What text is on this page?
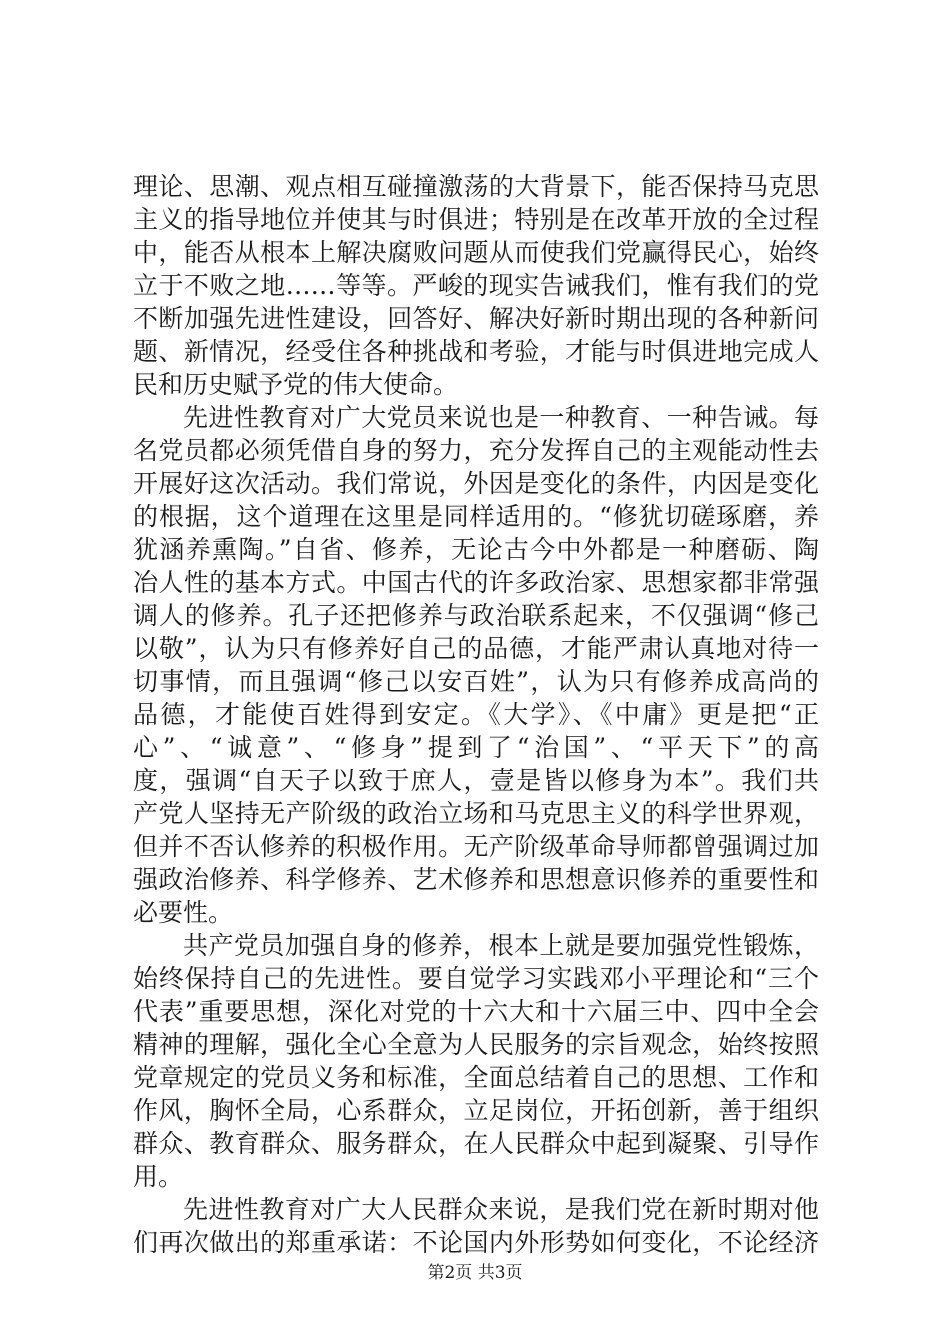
理论、思潮、观点相互碰撞激荡的大背景下，能否保持马克思
主义的指导地位并使其与时俱进；特别是在改革开放的全过程
中，能否从根本上解决腐败问题从而使我们党赢得民心，始终
立于不败之地……等等。严峻的现实告诫我们，惟有我们的党
不断加强先进性建设，回答好、解决好新时期出现的各种新问
题、新情况，经受住各种挑战和考验，才能与时俱进地完成人
民和历史赋予党的伟大使命。
先进性教育对广大党员来说也是一种教育、一种告诫。每
名党员都必须凭借自身的努力，充分发挥自己的主观能动性去
开展好这次活动。我们常说，外因是变化的条件，内因是变化
的根据，这个道理在这里是同样适用的。“修犹切磋琢磨，养
犹涵养熏陶。”自省、修养，无论古今中外都是一种磨砺、陶
冶人性的基本方式。中国古代的许多政治家、思想家都非常强
调人的修养。孔子还把修养与政治联系起来，不仅强调“修己
以敬”，认为只有修养好自己的品德，才能严肃认真地对待一
切事情，而且强调“修己以安百姓”，认为只有修养成高尚的
品德，才能使百姓得到安定。《大学》、《中庸》更是把“正
心”、“诚意”、“修身”提到了“治国”、“平天下”的高
度，强调“自天子以致于庶人，壹是皆以修身为本”。我们共
产党人坚持无产阶级的政治立场和马克思主义的科学世界观，
但并不否认修养的积极作用。无产阶级革命导师都曾强调过加
强政治修养、科学修养、艺术修养和思想意识修养的重要性和
必要性。
共产党员加强自身的修养，根本上就是要加强党性锻炼，
始终保持自己的先进性。要自觉学习实践邓小平理论和“三个
代表”重要思想，深化对党的十六大和十六届三中、四中全会
精神的理解，强化全心全意为人民服务的宗旨观念，始终按照
党章规定的党员义务和标准，全面总结着自己的思想、工作和
作风，胸怀全局，心系群众，立足岗位，开拓创新，善于组织
群众、教育群众、服务群众，在人民群众中起到凝聚、引导作
用。
先进性教育对广大人民群众来说，是我们党在新时期对他
们再次做出的郑重承诺：不论国内外形势如何变化，不论经济
第2页 共3页
